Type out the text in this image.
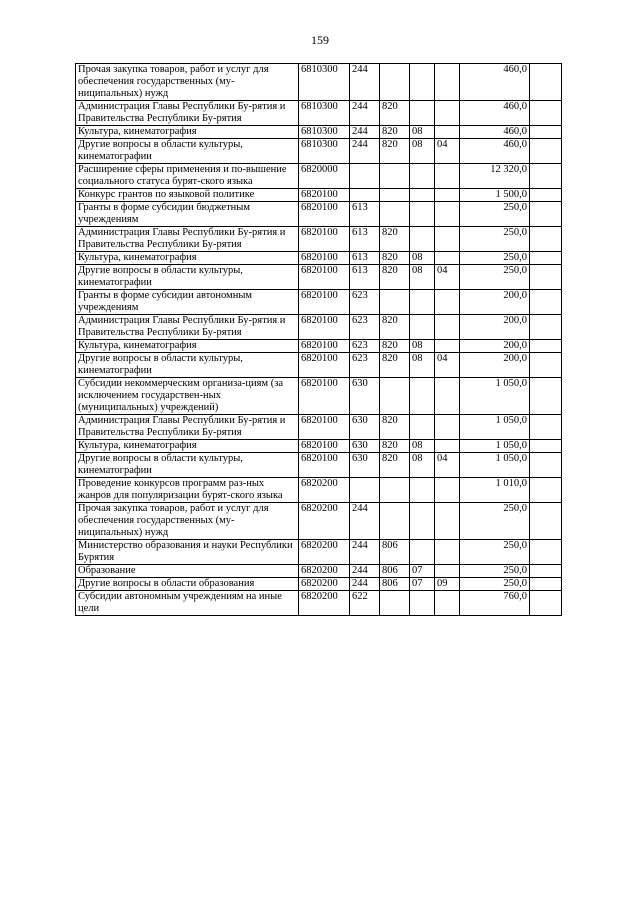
159
Прочая закупка товаров, работ и услуг для обеспечения государственных (му-ниципальных) нужд	6810300	244				460,0	
Администрация Главы Республики Бу-рятия и Правительства Республики Бу-рятия	6810300	244	820			460,0	
Культура, кинематография	6810300	244	820	08		460,0	
Другие вопросы в области культуры, кинематографии	6810300	244	820	08	04	460,0	
Расширение сферы применения и по-вышение социального статуса бурят-ского языка	6820000					12 320,0	
Конкурс грантов по языковой политике	6820100					1 500,0	
Гранты в форме субсидии бюджетным учреждениям	6820100	613				250,0	
Администрация Главы Республики Бу-рятия и Правительства Республики Бу-рятия	6820100	613	820			250,0	
Культура, кинематография	6820100	613	820	08		250,0	
Другие вопросы в области культуры, кинематографии	6820100	613	820	08	04	250,0	
Гранты в форме субсидии автономным учреждениям	6820100	623				200,0	
Администрация Главы Республики Бу-рятия и Правительства Республики Бу-рятия	6820100	623	820			200,0	
Культура, кинематография	6820100	623	820	08		200,0	
Другие вопросы в области культуры, кинематографии	6820100	623	820	08	04	200,0	
Субсидии некоммерческим организа-циям (за исключением государствен-ных (муниципальных) учреждений)	6820100	630				1 050,0	
Администрация Главы Республики Бу-рятия и Правительства Республики Бу-рятия	6820100	630	820			1 050,0	
Культура, кинематография	6820100	630	820	08		1 050,0	
Другие вопросы в области культуры, кинематографии	6820100	630	820	08	04	1 050,0	
Проведение конкурсов программ раз-ных жанров для популяризации бурят-ского языка	6820200					1 010,0	
Прочая закупка товаров, работ и услуг для обеспечения государственных (му-ниципальных) нужд	6820200	244				250,0	
Министерство образования и науки Республики Бурятия	6820200	244	806			250,0	
Образование	6820200	244	806	07		250,0	
Другие вопросы в области образования	6820200	244	806	07	09	250,0	
Субсидии автономным учреждениям на иные цели	6820200	622				760,0	
